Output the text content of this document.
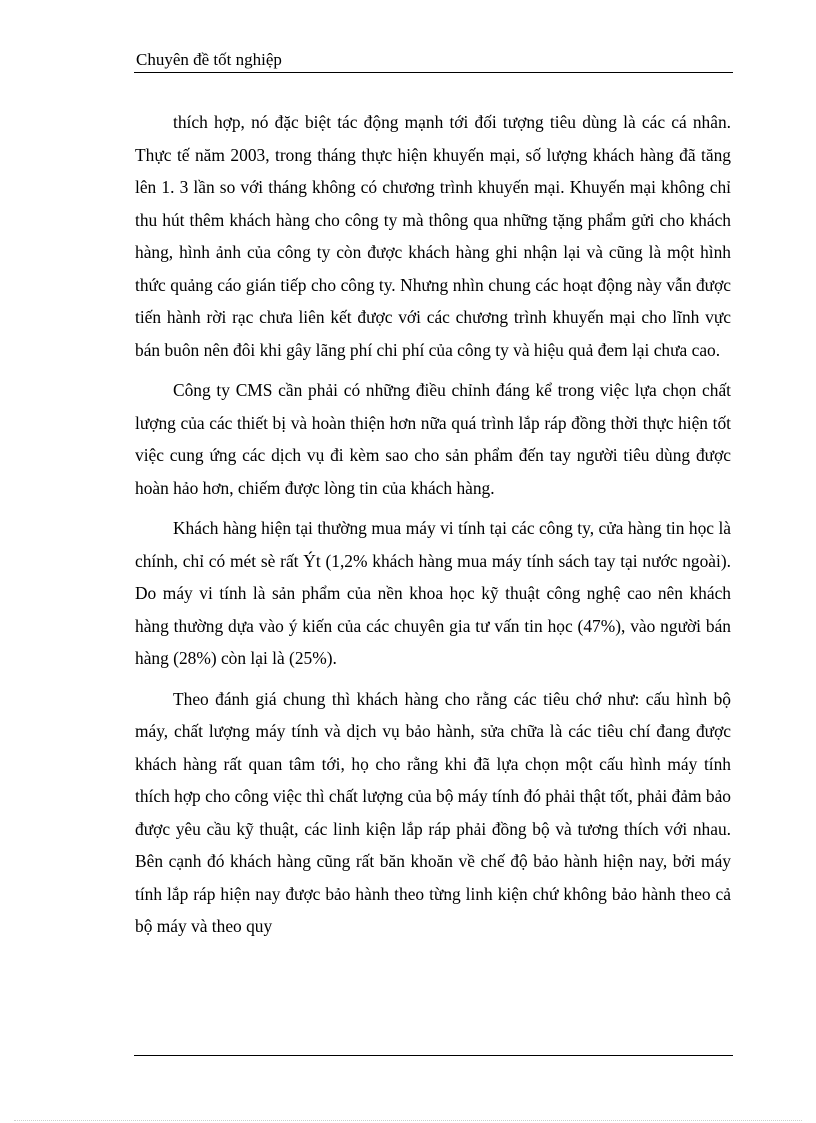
Chuyên đề tốt nghiệp

thích hợp, nó đặc biệt tác động mạnh tới đối tượng tiêu dùng là các cá nhân. Thực tế năm 2003, trong tháng thực hiện khuyến mại, số lượng khách hàng đã tăng lên 1. 3 lần so với tháng không có chương trình khuyến mại. Khuyến mại không chỉ thu hút thêm khách hàng cho công ty mà thông qua những tặng phẩm gửi cho khách hàng, hình ảnh của công ty còn được khách hàng ghi nhận lại và cũng là một hình thức quảng cáo gián tiếp cho công ty. Nhưng nhìn chung các hoạt động này vẫn được tiến hành rời rạc chưa liên kết được với các chương trình khuyến mại cho lĩnh vực bán buôn nên đôi khi gây lãng phí chi phí của công ty và hiệu quả đem lại chưa cao.

Công ty CMS cần phải có những điều chỉnh đáng kể trong việc lựa chọn chất lượng của các thiết bị và hoàn thiện hơn nữa quá trình lắp ráp đồng thời thực hiện tốt việc cung ứng các dịch vụ đi kèm sao cho sản phẩm đến tay người tiêu dùng được hoàn hảo hơn, chiếm được lòng tin của khách hàng.

Khách hàng hiện tại thường mua máy vi tính tại các công ty, cửa hàng tin học là chính, chỉ có mét sè rất Ýt (1,2% khách hàng mua máy tính sách tay tại nước ngoài). Do máy vi tính là sản phẩm của nền khoa học kỹ thuật công nghệ cao nên khách hàng thường dựa vào ý kiến của các chuyên gia tư vấn tin học (47%), vào người bán hàng (28%) còn lại là (25%).

Theo đánh giá chung thì khách hàng cho rằng các tiêu chớ như: cấu hình bộ máy, chất lượng máy tính và dịch vụ bảo hành, sửa chữa là các tiêu chí đang được khách hàng rất quan tâm tới, họ cho rằng khi đã lựa chọn một cấu hình máy tính thích hợp cho công việc thì chất lượng của bộ máy tính đó phải thật tốt, phải đảm bảo được yêu cầu kỹ thuật, các linh kiện lắp ráp phải đồng bộ và tương thích với nhau. Bên cạnh đó khách hàng cũng rất băn khoăn về chế độ bảo hành hiện nay, bởi máy tính lắp ráp hiện nay được bảo hành theo từng linh kiện chứ không bảo hành theo cả bộ máy và theo quy
